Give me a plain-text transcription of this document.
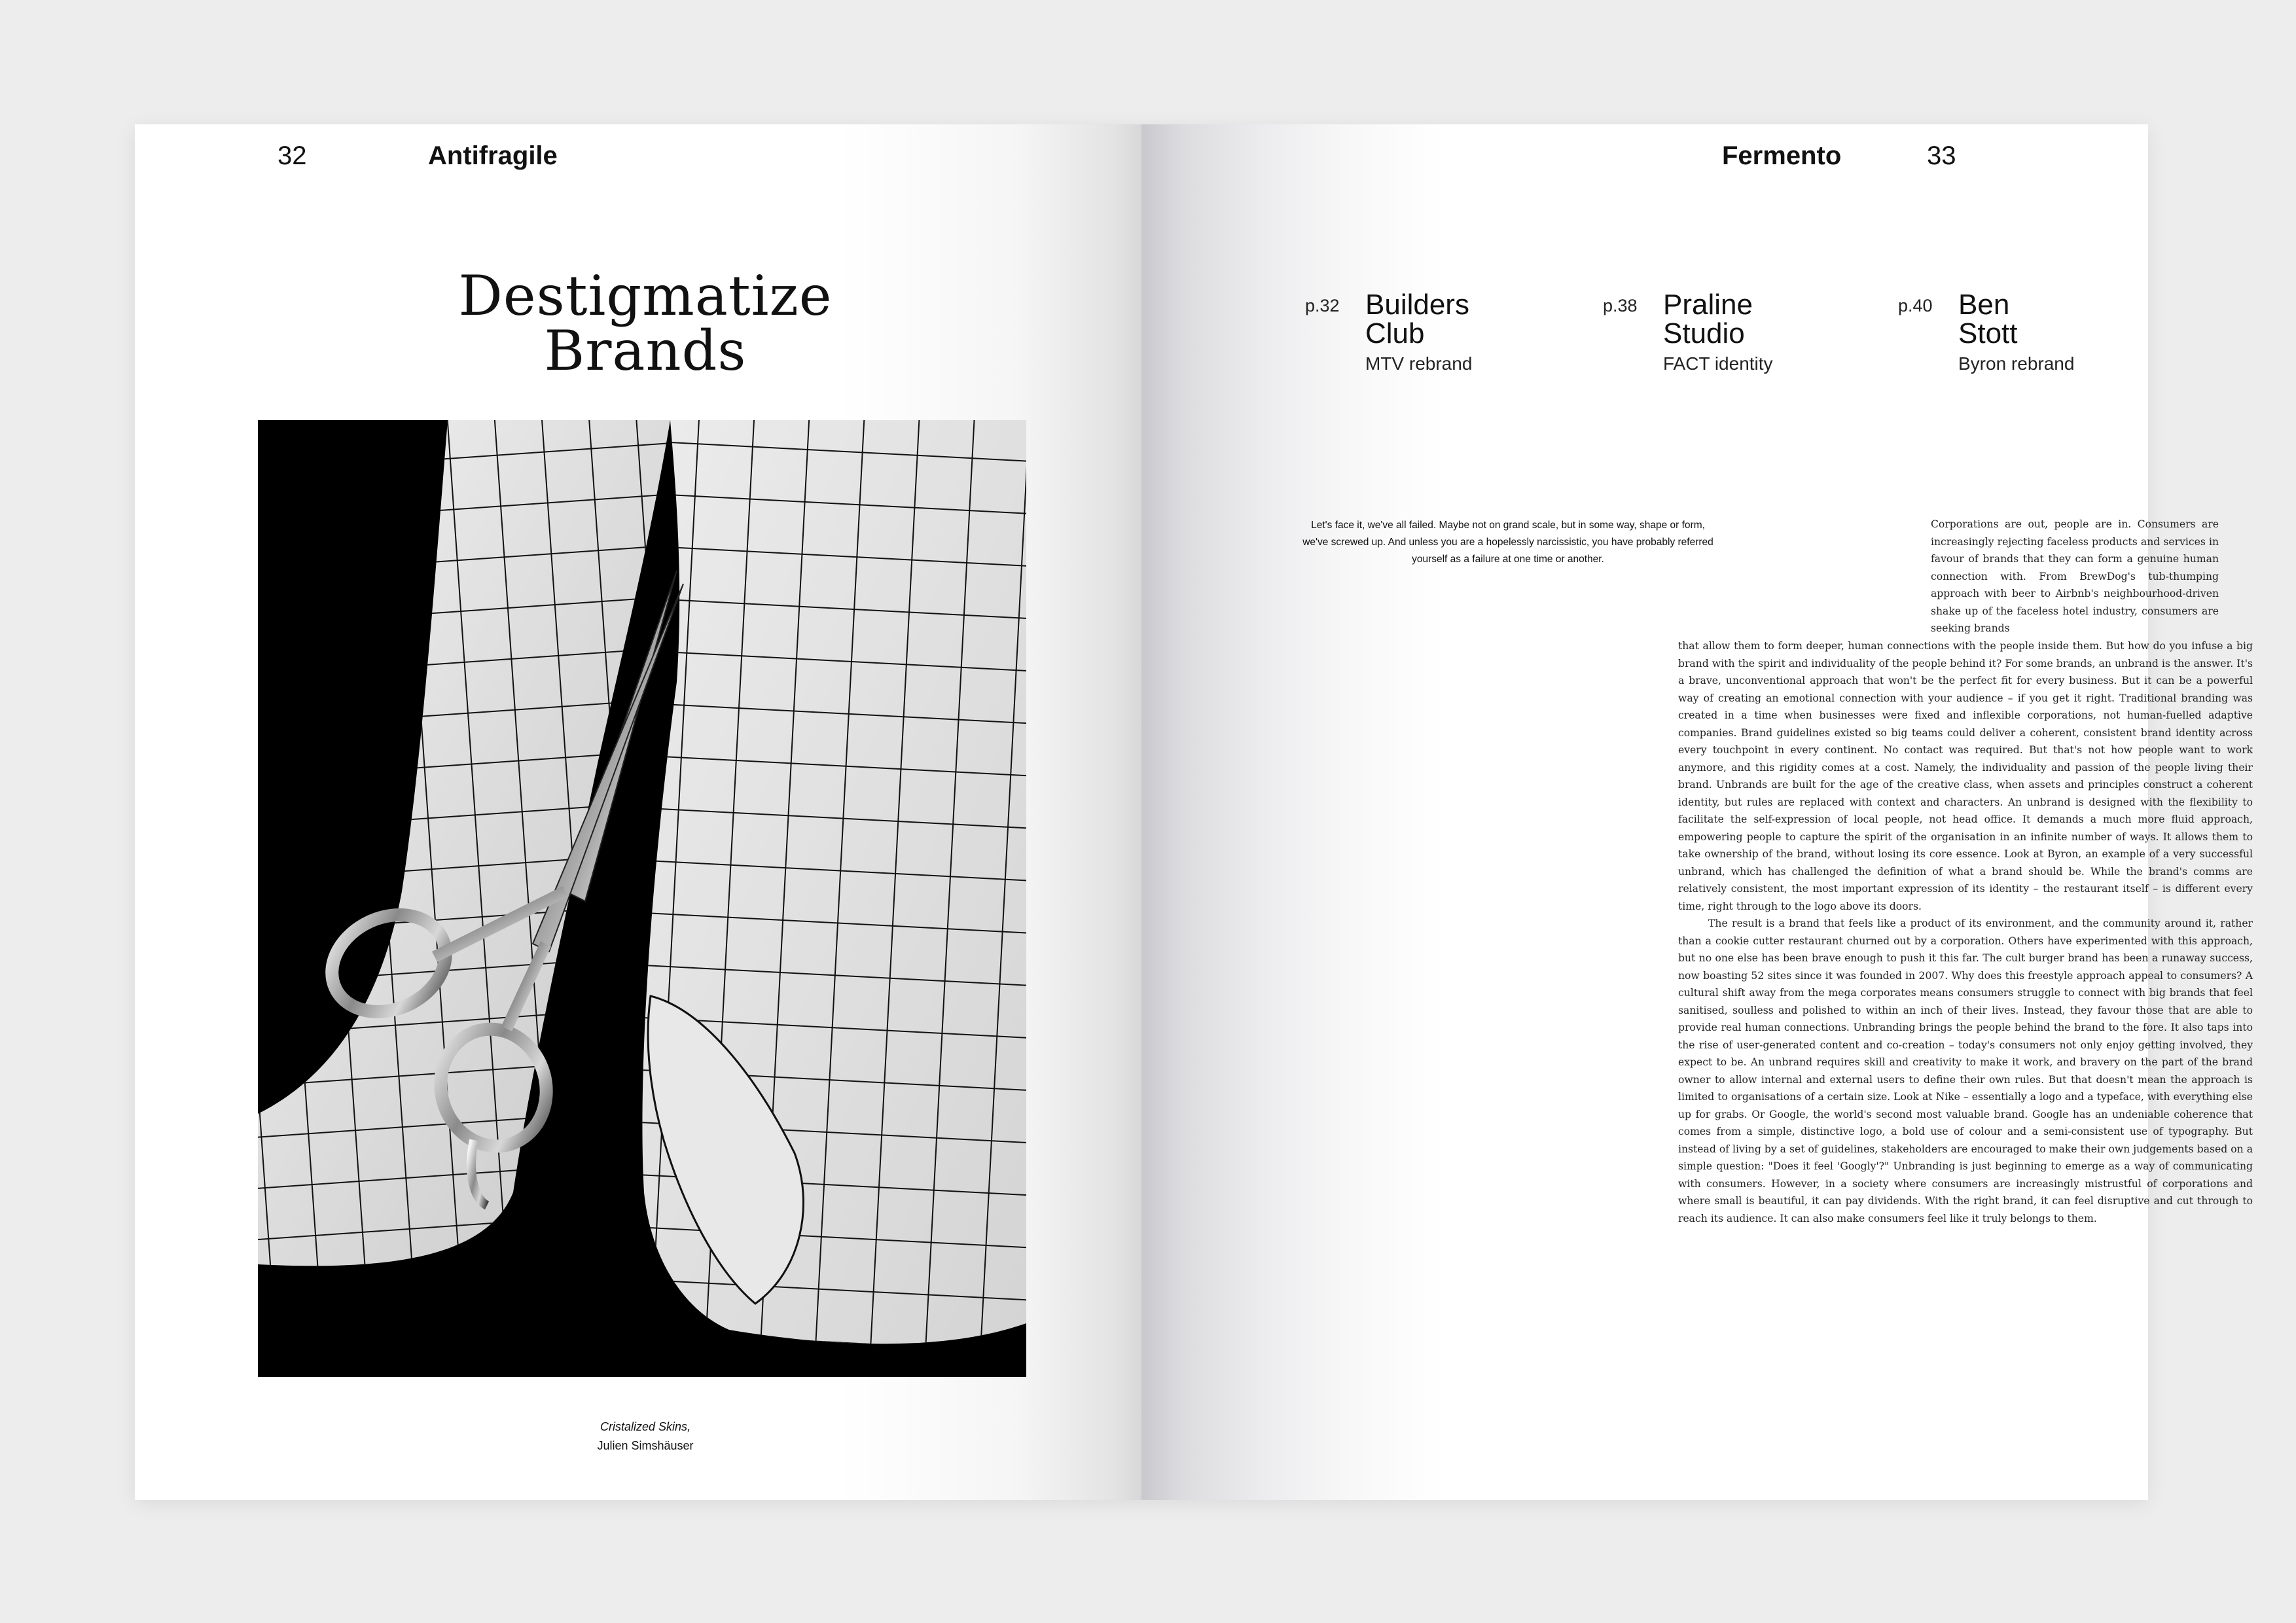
32	Antifragile
Destigmatize
Brands
Cristalized Skins,
Julien Simshäuser
Fermento	33
p.32 Builders
Club
MTV rebrand
p.38 Praline
Studio
FACT identity
p.40 Ben
Stott
Byron rebrand
Let's face it, we've all failed. Maybe not on grand scale, but in some way, shape or form, we've screwed up. And unless you are a hopelessly narcissistic, you have probably referred yourself as a failure at one time or another.

Corporations are out, people are in. Consumers are increasingly rejecting faceless products and services in favour of brands that they can form a genuine human connection with. From BrewDog's tub-thumping approach with beer to Airbnb's neighbourhood-driven shake up of the faceless hotel industry, consumers are seeking brands

that allow them to form deeper, human connections with the people inside them. But how do you infuse a big brand with the spirit and individuality of the people behind it? For some brands, an unbrand is the answer. It's a brave, unconventional approach that won't be the perfect fit for every business. But it can be a powerful way of creating an emotional connection with your audience – if you get it right. Traditional branding was created in a time when businesses were fixed and inflexible corporations, not human-fuelled adaptive companies. Brand guidelines existed so big teams could deliver a coherent, consistent brand identity across every touchpoint in every continent. No contact was required. But that's not how people want to work anymore, and this rigidity comes at a cost. Namely, the individuality and passion of the people living their brand. Unbrands are built for the age of the creative class, when assets and principles construct a coherent identity, but rules are replaced with context and characters. An unbrand is designed with the flexibility to facilitate the self-expression of local people, not head office. It demands a much more fluid approach, empowering people to capture the spirit of the organisation in an infinite number of ways. It allows them to take ownership of the brand, without losing its core essence. Look at Byron, an example of a very successful unbrand, which has challenged the definition of what a brand should be. While the brand's comms are relatively consistent, the most important expression of its identity – the restaurant itself – is different every time, right through to the logo above its doors.

The result is a brand that feels like a product of its environment, and the community around it, rather than a cookie cutter restaurant churned out by a corporation. Others have experimented with this approach, but no one else has been brave enough to push it this far. The cult burger brand has been a runaway success, now boasting 52 sites since it was founded in 2007. Why does this freestyle approach appeal to consumers? A cultural shift away from the mega corporates means consumers struggle to connect with big brands that feel sanitised, soulless and polished to within an inch of their lives. Instead, they favour those that are able to provide real human connections. Unbranding brings the people behind the brand to the fore. It also taps into the rise of user-generated content and co-creation – today's consumers not only enjoy getting involved, they expect to be. An unbrand requires skill and creativity to make it work, and bravery on the part of the brand owner to allow internal and external users to define their own rules. But that doesn't mean the approach is limited to organisations of a certain size. Look at Nike – essentially a logo and a typeface, with everything else up for grabs. Or Google, the world's second most valuable brand. Google has an undeniable coherence that comes from a simple, distinctive logo, a bold use of colour and a semi-consistent use of typography. But instead of living by a set of guidelines, stakeholders are encouraged to make their own judgements based on a simple question: "Does it feel 'Googly'?" Unbranding is just beginning to emerge as a way of communicating with consumers. However, in a society where consumers are increasingly mistrustful of corporations and where small is beautiful, it can pay dividends. With the right brand, it can feel disruptive and cut through to reach its audience. It can also make consumers feel like it truly belongs to them.
